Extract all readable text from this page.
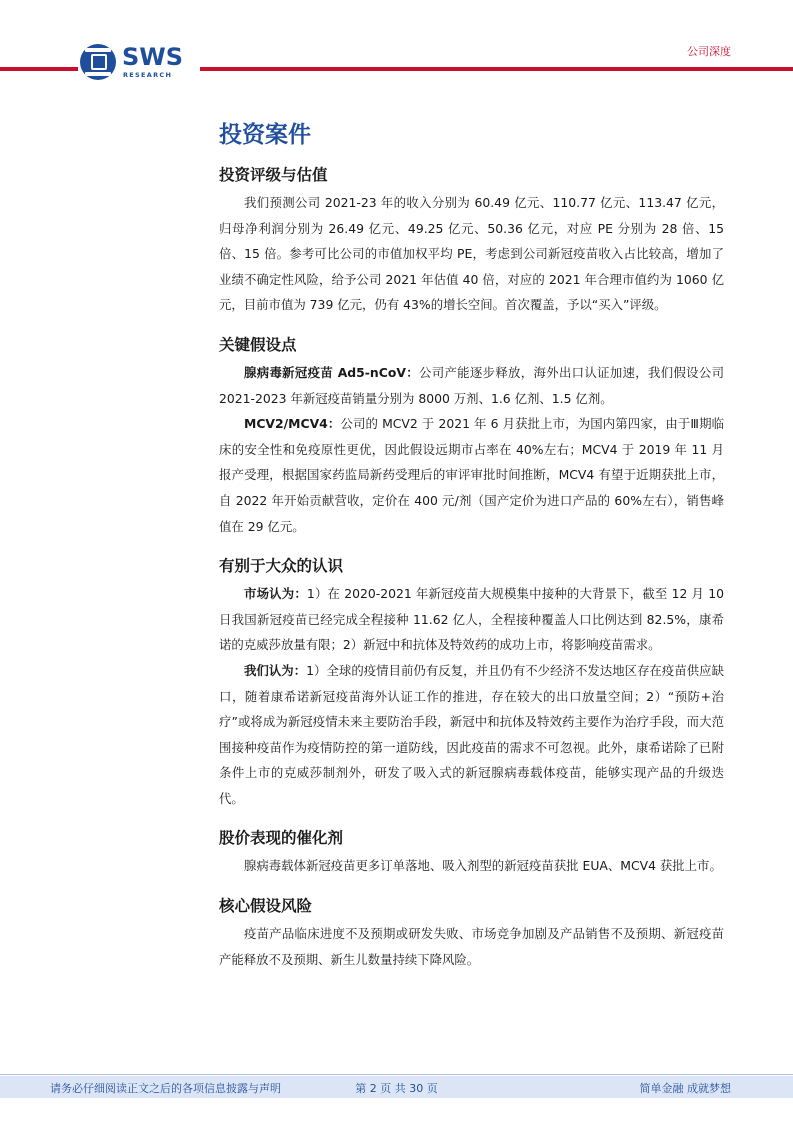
SWS
RESEARCH
公司深度
投资案件
投资评级与估值

我们预测公司 2021-23 年的收入分别为 60.49 亿元、110.77 亿元、113.47 亿元，归母净利润分别为 26.49 亿元、49.25 亿元、50.36 亿元，对应 PE 分别为 28 倍、15 倍、15 倍。参考可比公司的市值加权平均 PE，考虑到公司新冠疫苗收入占比较高，增加了业绩不确定性风险，给予公司 2021 年估值 40 倍，对应的 2021 年合理市值约为 1060 亿元，目前市值为 739 亿元，仍有 43%的增长空间。首次覆盖，予以“买入”评级。

关键假设点

腺病毒新冠疫苗 Ad5-nCoV：公司产能逐步释放，海外出口认证加速，我们假设公司 2021-2023 年新冠疫苗销量分别为 8000 万剂、1.6 亿剂、1.5 亿剂。

MCV2/MCV4：公司的 MCV2 于 2021 年 6 月获批上市，为国内第四家，由于Ⅲ期临床的安全性和免疫原性更优，因此假设远期市占率在 40%左右；MCV4 于 2019 年 11 月报产受理，根据国家药监局新药受理后的审评审批时间推断，MCV4 有望于近期获批上市，自 2022 年开始贡献营收，定价在 400 元/剂（国产定价为进口产品的 60%左右），销售峰值在 29 亿元。

有别于大众的认识

市场认为：1）在 2020-2021 年新冠疫苗大规模集中接种的大背景下，截至 12 月 10 日我国新冠疫苗已经完成全程接种 11.62 亿人，全程接种覆盖人口比例达到 82.5%，康希诺的克威莎放量有限；2）新冠中和抗体及特效药的成功上市，将影响疫苗需求。

我们认为：1）全球的疫情目前仍有反复，并且仍有不少经济不发达地区存在疫苗供应缺口，随着康希诺新冠疫苗海外认证工作的推进，存在较大的出口放量空间；2）“预防+治疗”或将成为新冠疫情未来主要防治手段，新冠中和抗体及特效药主要作为治疗手段，而大范围接种疫苗作为疫情防控的第一道防线，因此疫苗的需求不可忽视。此外，康希诺除了已附条件上市的克威莎制剂外，研发了吸入式的新冠腺病毒载体疫苗，能够实现产品的升级迭代。

股价表现的催化剂

腺病毒载体新冠疫苗更多订单落地、吸入剂型的新冠疫苗获批 EUA、MCV4 获批上市。

核心假设风险

疫苗产品临床进度不及预期或研发失败、市场竞争加剧及产品销售不及预期、新冠疫苗产能释放不及预期、新生儿数量持续下降风险。

请务必仔细阅读正文之后的各项信息披露与声明	第 2 页 共 30 页	简单金融 成就梦想
